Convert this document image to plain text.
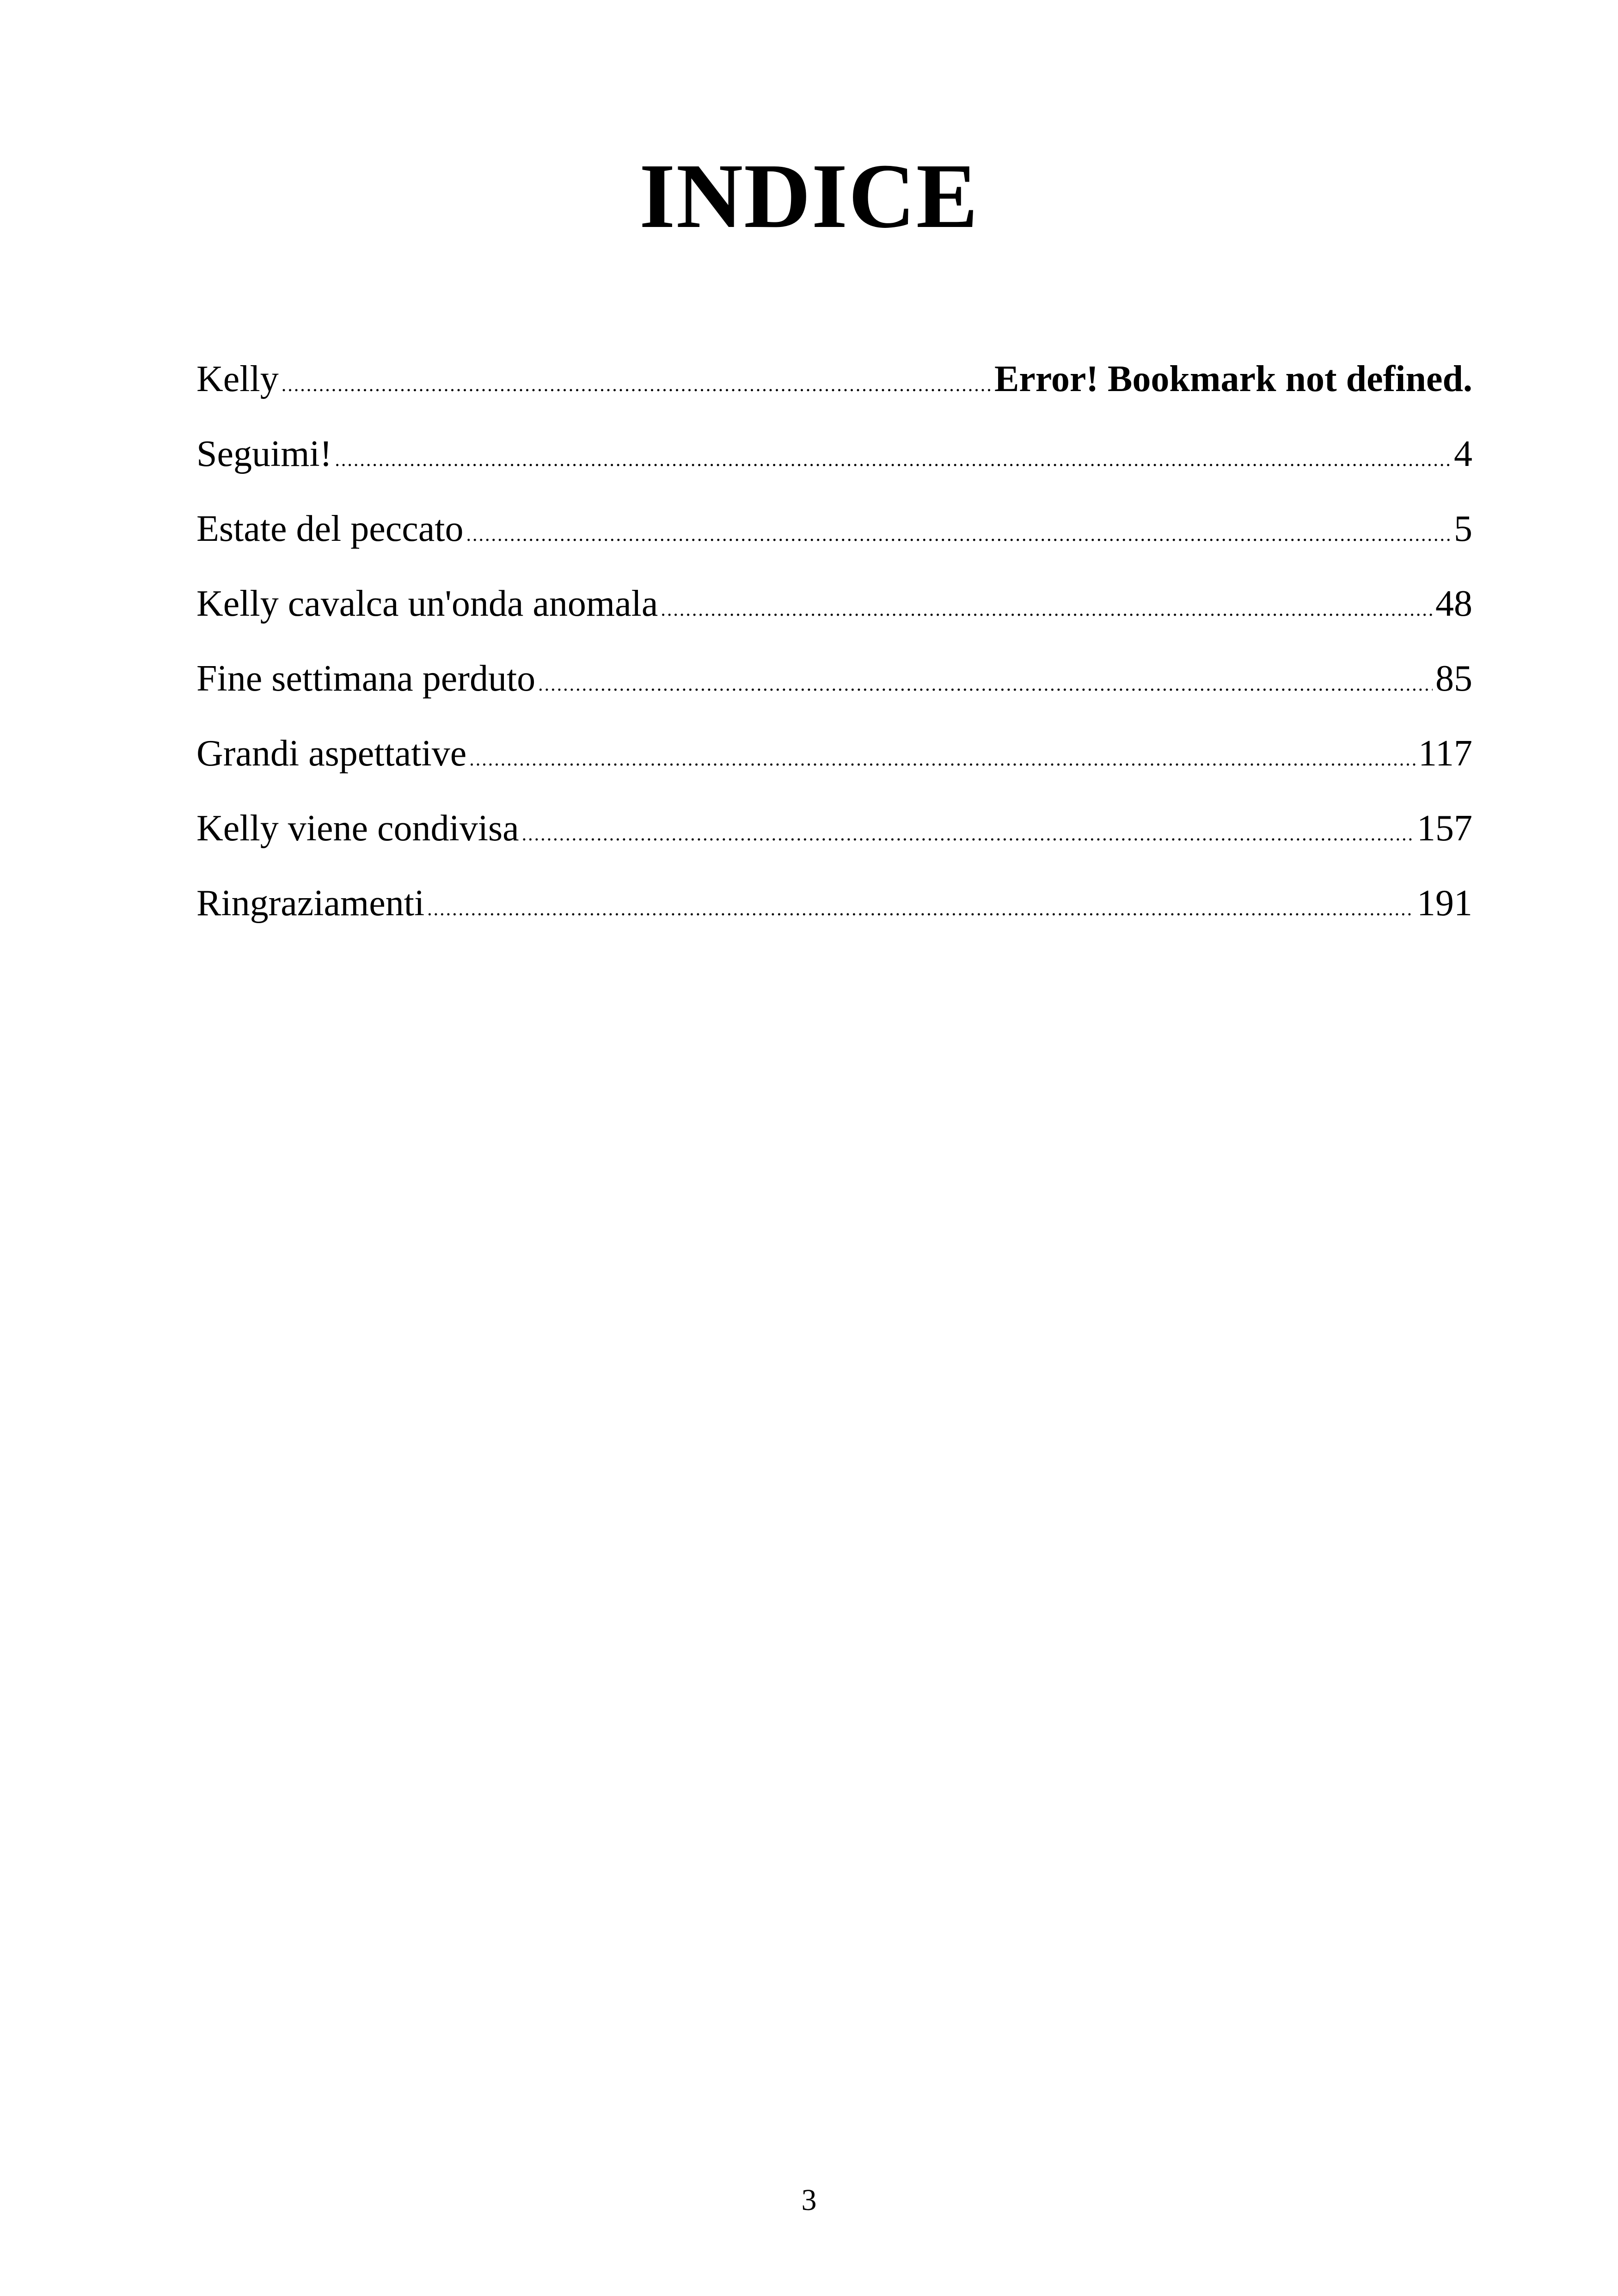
INDICE
Kelly .....	Error! Bookmark not defined.
Seguimi! .....	4
Estate del peccato .....	5
Kelly cavalca un'onda anomala .....	48
Fine settimana perduto .....	85
Grandi aspettative .....	117
Kelly viene condivisa .....	157
Ringraziamenti .....	191
3
